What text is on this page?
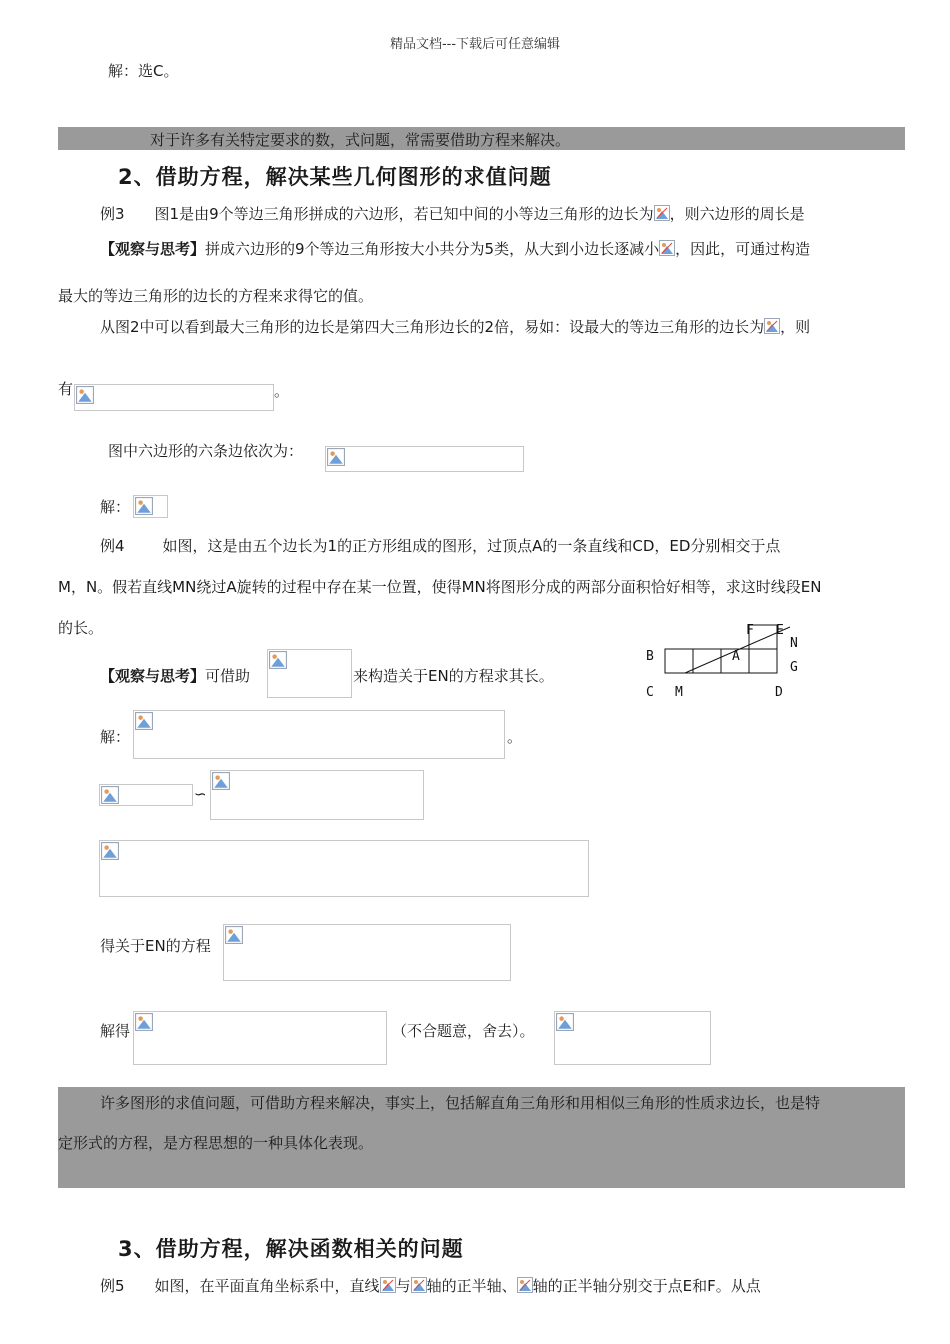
精品文档---下载后可任意编辑
解：选C。
对于许多有关特定要求的数，式问题，常需要借助方程来解决。
2、借助方程，解决某些几何图形的求值问题
例3 图1是由9个等边三角形拼成的六边形，若已知中间的小等边三角形的边长为 ，则六边形的周长是
【观察与思考】拼成六边形的9个等边三角形按大小共分为5类，从大到小边长逐减小 ，因此，可通过构造
最大的等边三角形的边长的方程来求得它的值。
从图2中可以看到最大三角形的边长是第四大三角形边长的2倍，易如：设最大的等边三角形的边长为 ，则
有	。
图中六边形的六条边依次为：
解：
例4	如图，这是由五个边长为1的正方形组成的图形，过顶点A的一条直线和CD，ED分别相交于点
M，N。假若直线MN绕过A旋转的过程中存在某一位置，使得MN将图形分成的两部分面积恰好相等，求这时线段EN
的长。
B
C M
A
D
F E
N
G
【观察与思考】可借助	来构造关于EN的方程求其长。
解：	。
∽
得关于EN的方程
解得	（不合题意，舍去）。
许多图形的求值问题，可借助方程来解决，事实上，包括解直角三角形和用相似三角形的性质求边长，也是特
定形式的方程，是方程思想的一种具体化表现。
3、借助方程，解决函数相关的问题
例5 如图，在平面直角坐标系中，直线 与 轴的正半轴、 轴的正半轴分别交于点E和F。从点
